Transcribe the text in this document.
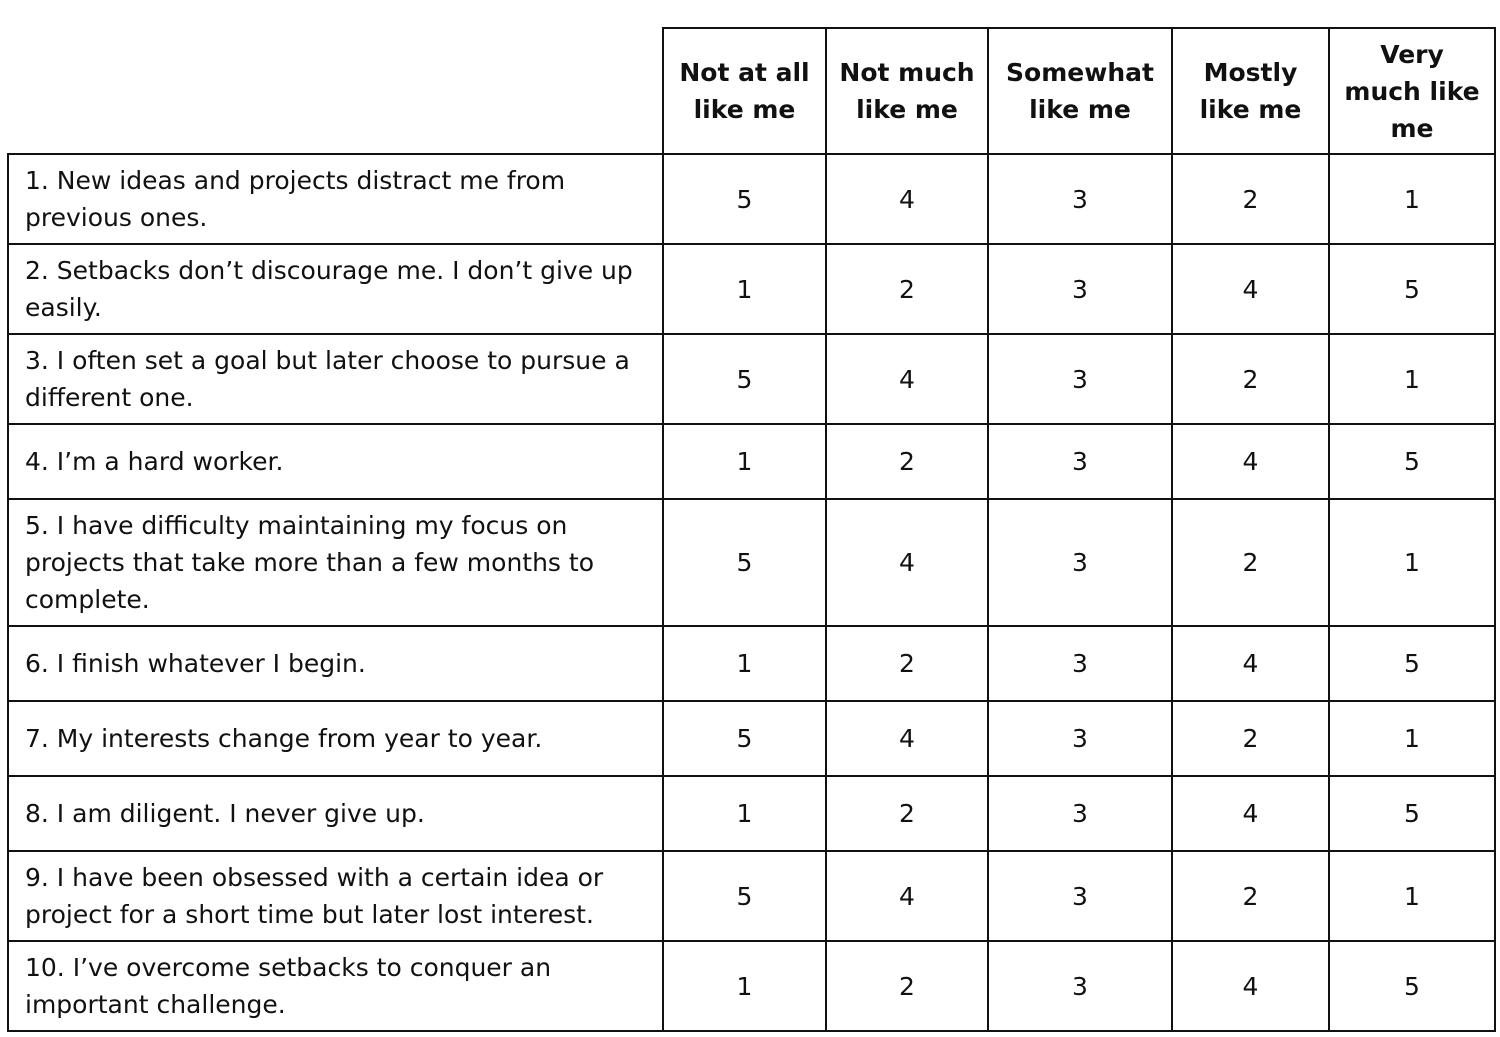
	Not at all like me	Not much like me	Somewhat like me	Mostly like me	Very much like me
1. New ideas and projects distract me from previous ones.	5	4	3	2	1
2. Setbacks don’t discourage me. I don’t give up easily.	1	2	3	4	5
3. I often set a goal but later choose to pursue a different one.	5	4	3	2	1
4. I’m a hard worker.	1	2	3	4	5
5. I have difficulty maintaining my focus on projects that take more than a few months to complete.	5	4	3	2	1
6. I finish whatever I begin.	1	2	3	4	5
7. My interests change from year to year.	5	4	3	2	1
8. I am diligent. I never give up.	1	2	3	4	5
9. I have been obsessed with a certain idea or project for a short time but later lost interest.	5	4	3	2	1
10. I’ve overcome setbacks to conquer an important challenge.	1	2	3	4	5
